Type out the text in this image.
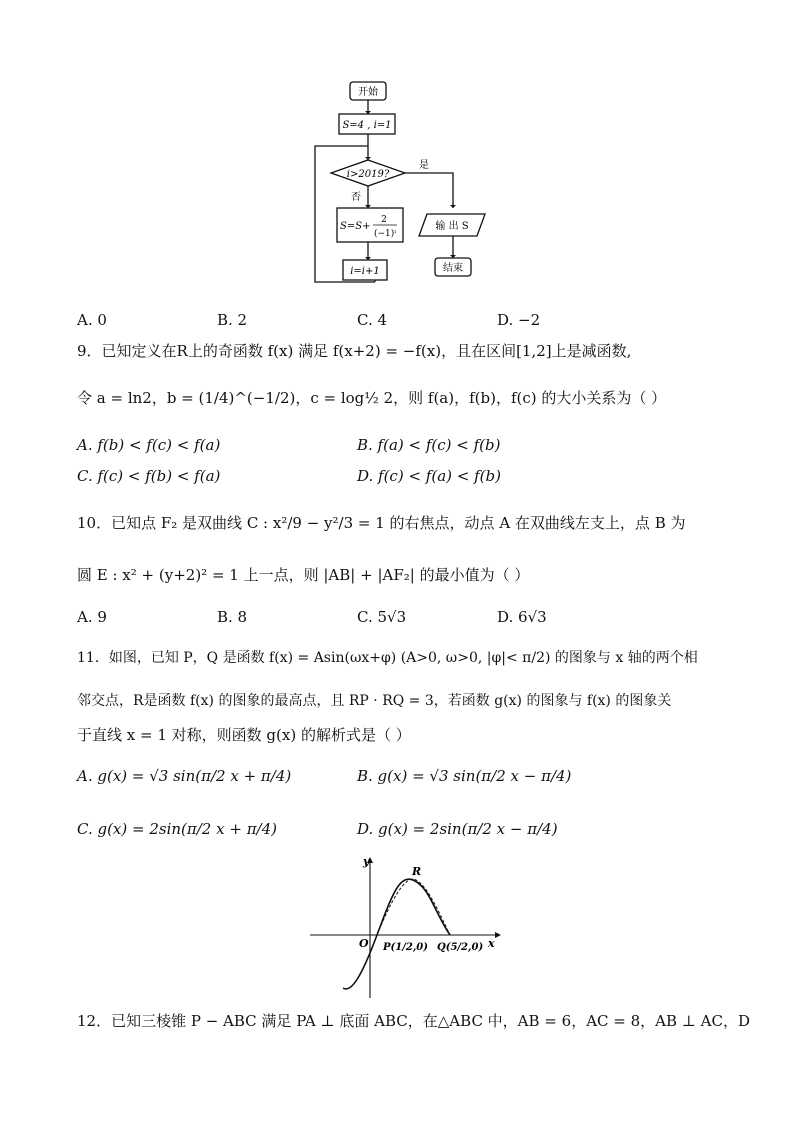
开始
S=4 , i=1
i>2019?
是
否
S=S+
2
(−1)ⁱ
i=i+1
输 出 S
结束
A. 0	B. 2	C. 4	D. −2
9．已知定义在R上的奇函数 f(x) 满足 f(x+2) = −f(x)，且在区间[1,2]上是减函数,
令 a = ln2，b = (1/4)^(−1/2)，c = log½ 2，则 f(a)，f(b)，f(c) 的大小关系为（ ）
A. f(b) < f(c) < f(a)	B. f(a) < f(c) < f(b)
C. f(c) < f(b) < f(a)	D. f(c) < f(a) < f(b)
10．已知点 F₂ 是双曲线 C : x²/9 − y²/3 = 1 的右焦点，动点 A 在双曲线左支上，点 B 为
圆 E : x² + (y+2)² = 1 上一点，则 |AB| + |AF₂| 的最小值为（ ）
A. 9	B. 8	C. 5√3	D. 6√3
11．如图，已知 P，Q 是函数 f(x) = Asin(ωx+φ) (A>0, ω>0, |φ|< π/2) 的图象与 x 轴的两个相
邻交点，R是函数 f(x) 的图象的最高点，且 RP · RQ = 3，若函数 g(x) 的图象与 f(x) 的图象关
于直线 x = 1 对称，则函数 g(x) 的解析式是（ ）
A. g(x) = √3 sin(π/2 x + π/4)	B. g(x) = √3 sin(π/2 x − π/4)
C. g(x) = 2sin(π/2 x + π/4)	D. g(x) = 2sin(π/2 x − π/4)
y
x
O
R
P(1/2,0) Q(5/2,0)
12．已知三棱锥 P − ABC 满足 PA ⊥ 底面 ABC，在△ABC 中，AB = 6，AC = 8，AB ⊥ AC，D
